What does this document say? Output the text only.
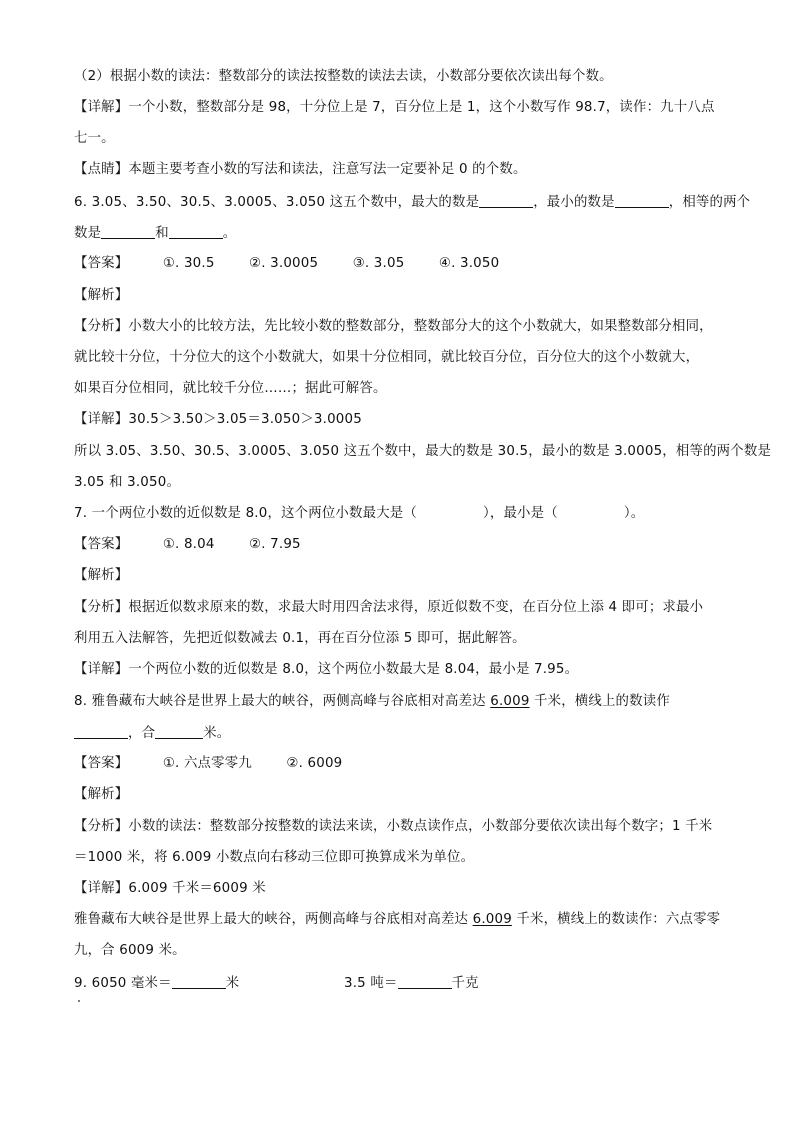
（2）根据小数的读法：整数部分的读法按整数的读法去读，小数部分要依次读出每个数。
【详解】一个小数，整数部分是 98，十分位上是 7，百分位上是 1，这个小数写作 98.7，读作：九十八点
七一。
【点睛】本题主要考查小数的写法和读法，注意写法一定要补足 0 的个数。
6. 3.05、3.50、30.5、3.0005、3.050 这五个数中，最大的数是	，最小的数是	，相等的两个
数是	和	。
【答案】	①. 30.5	②. 3.0005	③. 3.05	④. 3.050
【解析】
【分析】小数大小的比较方法，先比较小数的整数部分，整数部分大的这个小数就大，如果整数部分相同，
就比较十分位，十分位大的这个小数就大，如果十分位相同，就比较百分位，百分位大的这个小数就大，
如果百分位相同，就比较千分位……；据此可解答。
【详解】30.5＞3.50＞3.05＝3.050＞3.0005
所以 3.05、3.50、30.5、3.0005、3.050 这五个数中，最大的数是 30.5，最小的数是 3.0005，相等的两个数是
3.05 和 3.050。
7. 一个两位小数的近似数是 8.0，这个两位小数最大是（	），最小是（	）。
【答案】	①. 8.04	②. 7.95
【解析】
【分析】根据近似数求原来的数，求最大时用四舍法求得，原近似数不变，在百分位上添 4 即可；求最小
利用五入法解答，先把近似数减去 0.1，再在百分位添 5 即可，据此解答。
【详解】一个两位小数的近似数是 8.0，这个两位小数最大是 8.04，最小是 7.95。
8. 雅鲁藏布大峡谷是世界上最大的峡谷，两侧高峰与谷底相对高差达 6.009 千米，横线上的数读作
，合	米。
【答案】	①. 六点零零九	②. 6009
【解析】
【分析】小数的读法：整数部分按整数的读法来读，小数点读作点，小数部分要依次读出每个数字；1 千米
＝1000 米，将 6.009 小数点向右移动三位即可换算成米为单位。
【详解】6.009 千米＝6009 米
雅鲁藏布大峡谷是世界上最大的峡谷，两侧高峰与谷底相对高差达 6.009 千米，横线上的数读作：六点零零
九，合 6009 米。
9. 6050 毫米＝	米	3.5 吨＝	千克
